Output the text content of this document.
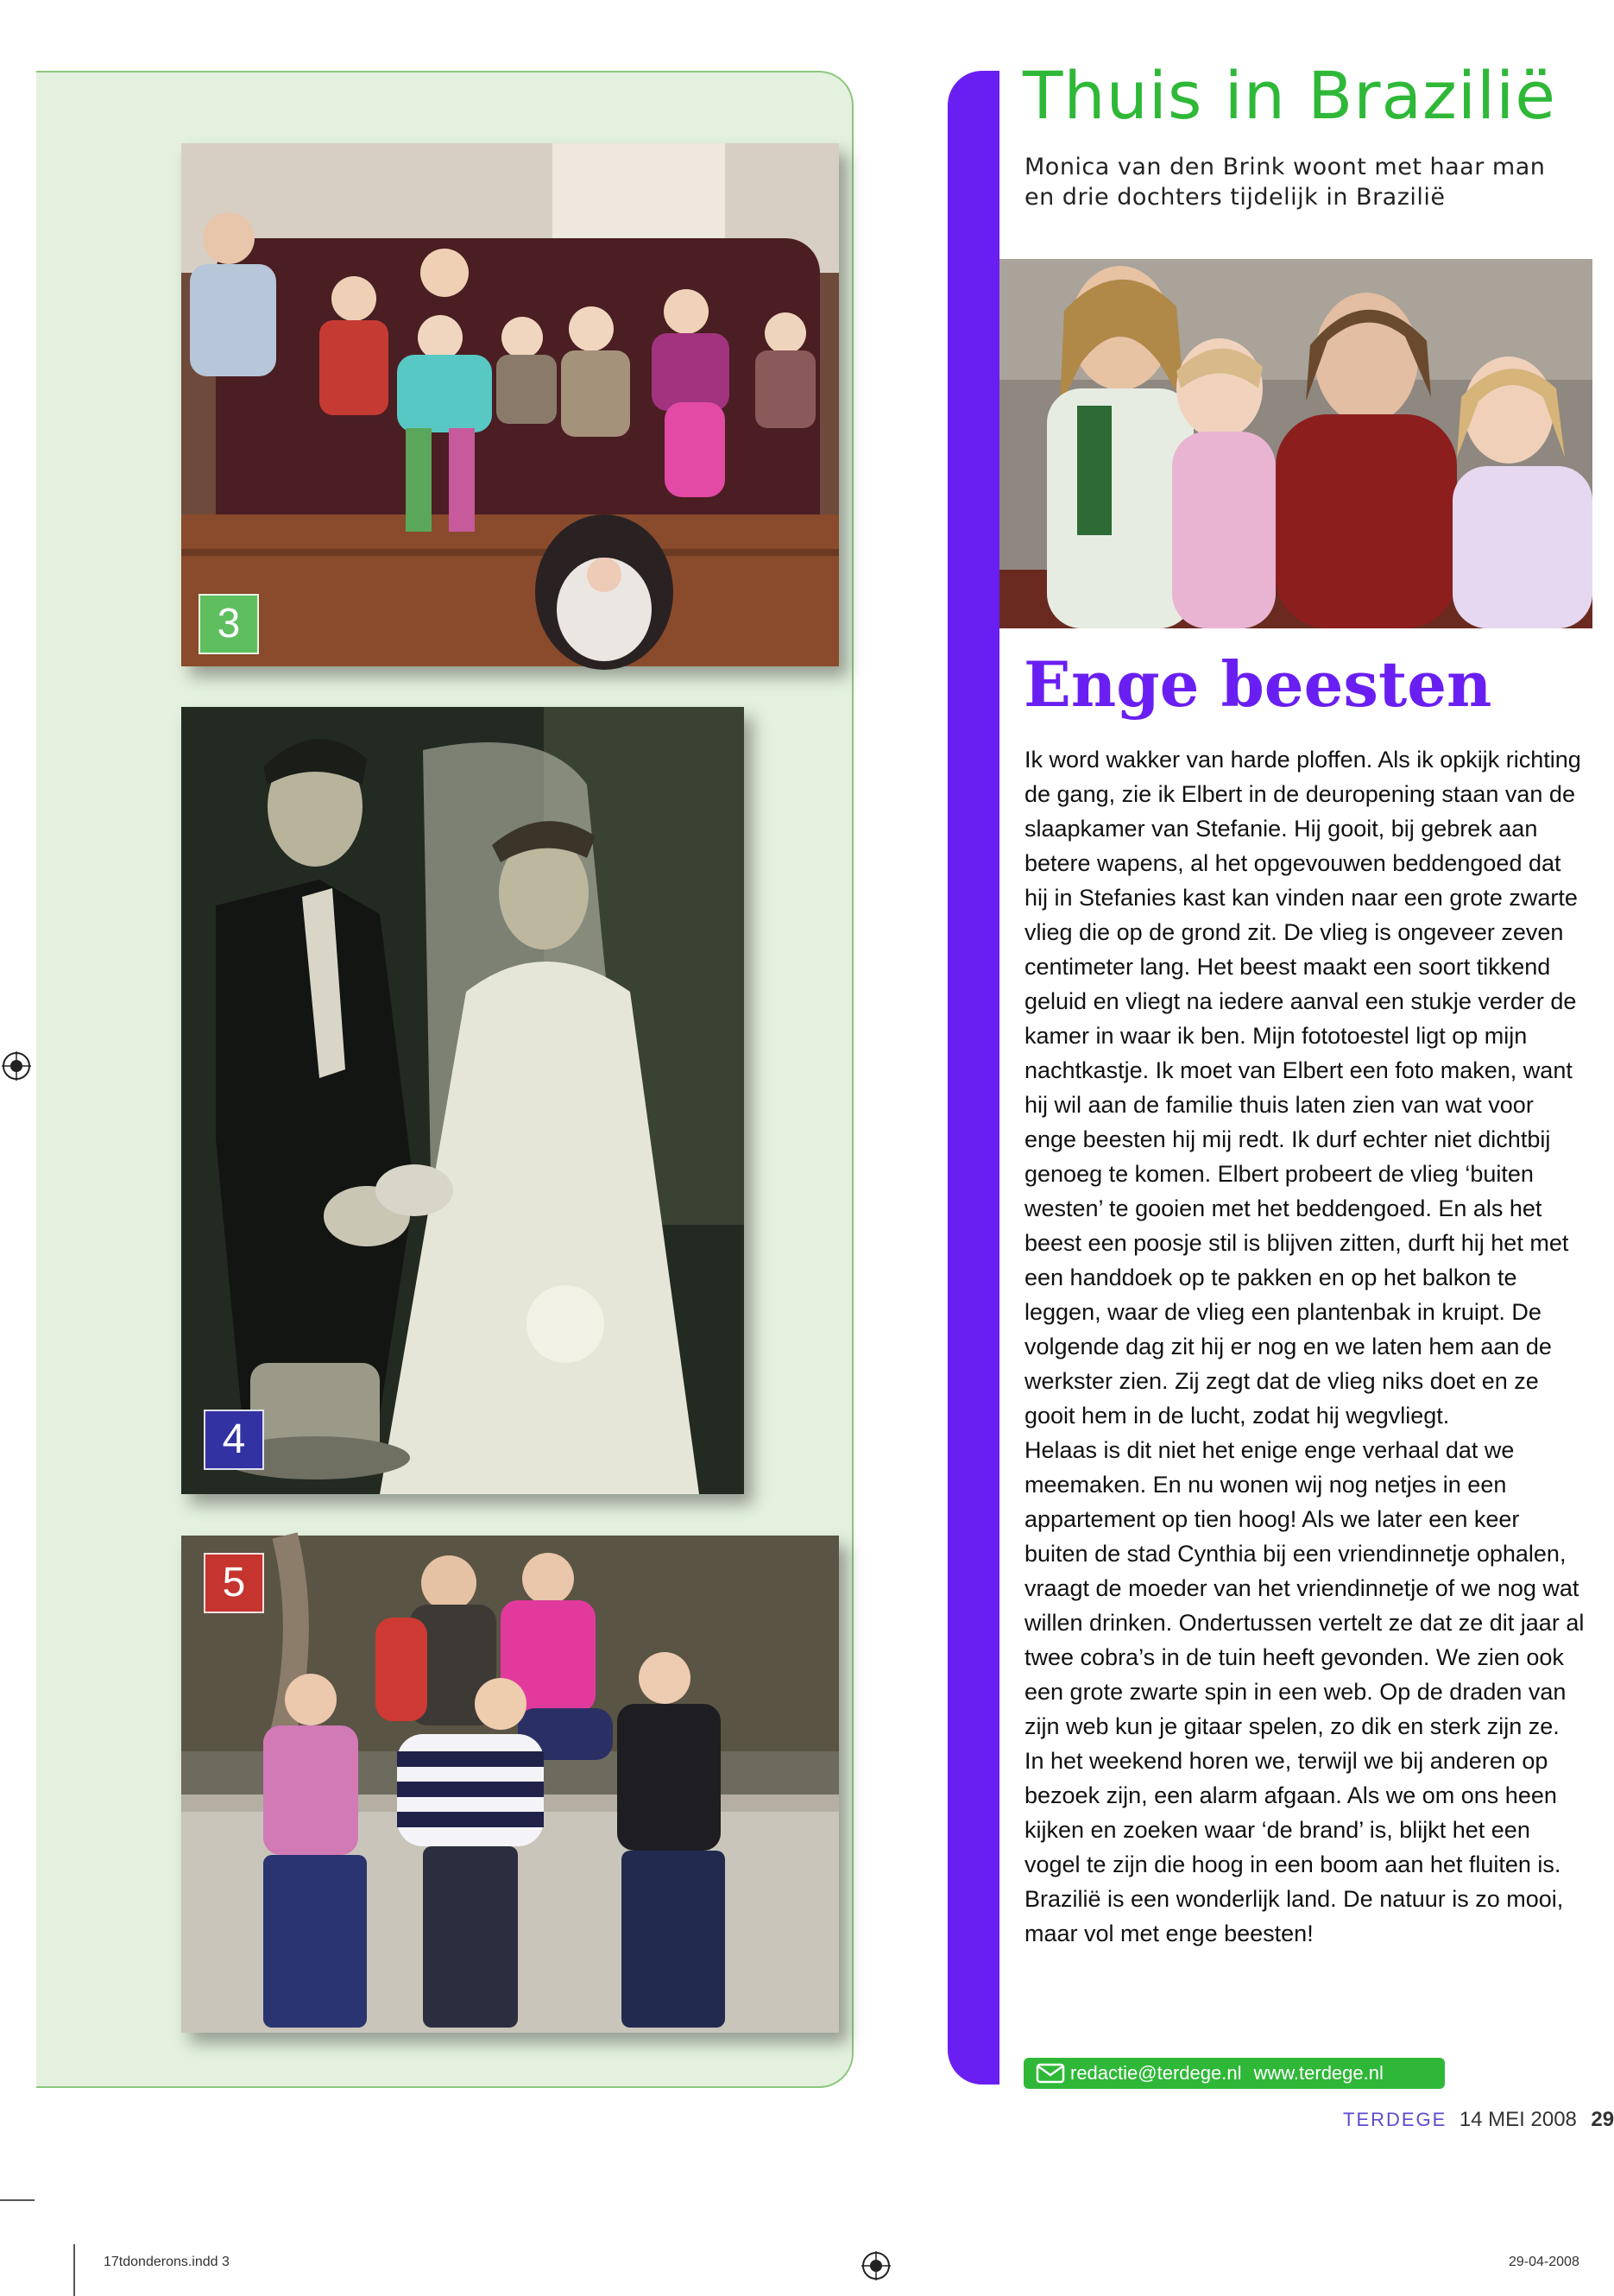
3
4
5
Thuis in Brazilië

Monica van den Brink woont met haar man en drie dochters tijdelijk in Brazilië

Enge beesten

Ik word wakker van harde ploffen. Als ik opkijk richting de gang, zie ik Elbert in de deuropening staan van de slaapkamer van Stefanie. Hij gooit, bij gebrek aan betere wapens, al het opgevouwen beddengoed dat hij in Stefanies kast kan vinden naar een grote zwarte vlieg die op de grond zit. De vlieg is ongeveer zeven centimeter lang. Het beest maakt een soort tikkend geluid en vliegt na iedere aanval een stukje verder de kamer in waar ik ben. Mijn fototoestel ligt op mijn nachtkastje. Ik moet van Elbert een foto maken, want hij wil aan de familie thuis laten zien van wat voor enge beesten hij mij redt. Ik durf echter niet dichtbij genoeg te komen. Elbert probeert de vlieg ‘buiten westen’ te gooien met het beddengoed. En als het beest een poosje stil is blijven zitten, durft hij het met een handdoek op te pakken en op het balkon te leggen, waar de vlieg een plantenbak in kruipt. De volgende dag zit hij er nog en we laten hem aan de werkster zien. Zij zegt dat de vlieg niks doet en ze gooit hem in de lucht, zodat hij wegvliegt.

Helaas is dit niet het enige enge verhaal dat we meemaken. En nu wonen wij nog netjes in een appartement op tien hoog! Als we later een keer buiten de stad Cynthia bij een vriendinnetje ophalen, vraagt de moeder van het vriendinnetje of we nog wat willen drinken. Ondertussen vertelt ze dat ze dit jaar al twee cobra’s in de tuin heeft gevonden. We zien ook een grote zwarte spin in een web. Op de draden van zijn web kun je gitaar spelen, zo dik en sterk zijn ze.

In het weekend horen we, terwijl we bij anderen op bezoek zijn, een alarm afgaan. Als we om ons heen kijken en zoeken waar ‘de brand’ is, blijkt het een vogel te zijn die hoog in een boom aan het fluiten is. Brazilië is een wonderlijk land. De natuur is zo mooi, maar vol met enge beesten!

redactie@terdege.nl www.terdege.nl
TERDEGE 14 MEI 2008 29
17tdonderons.indd 3	29-04-2008
